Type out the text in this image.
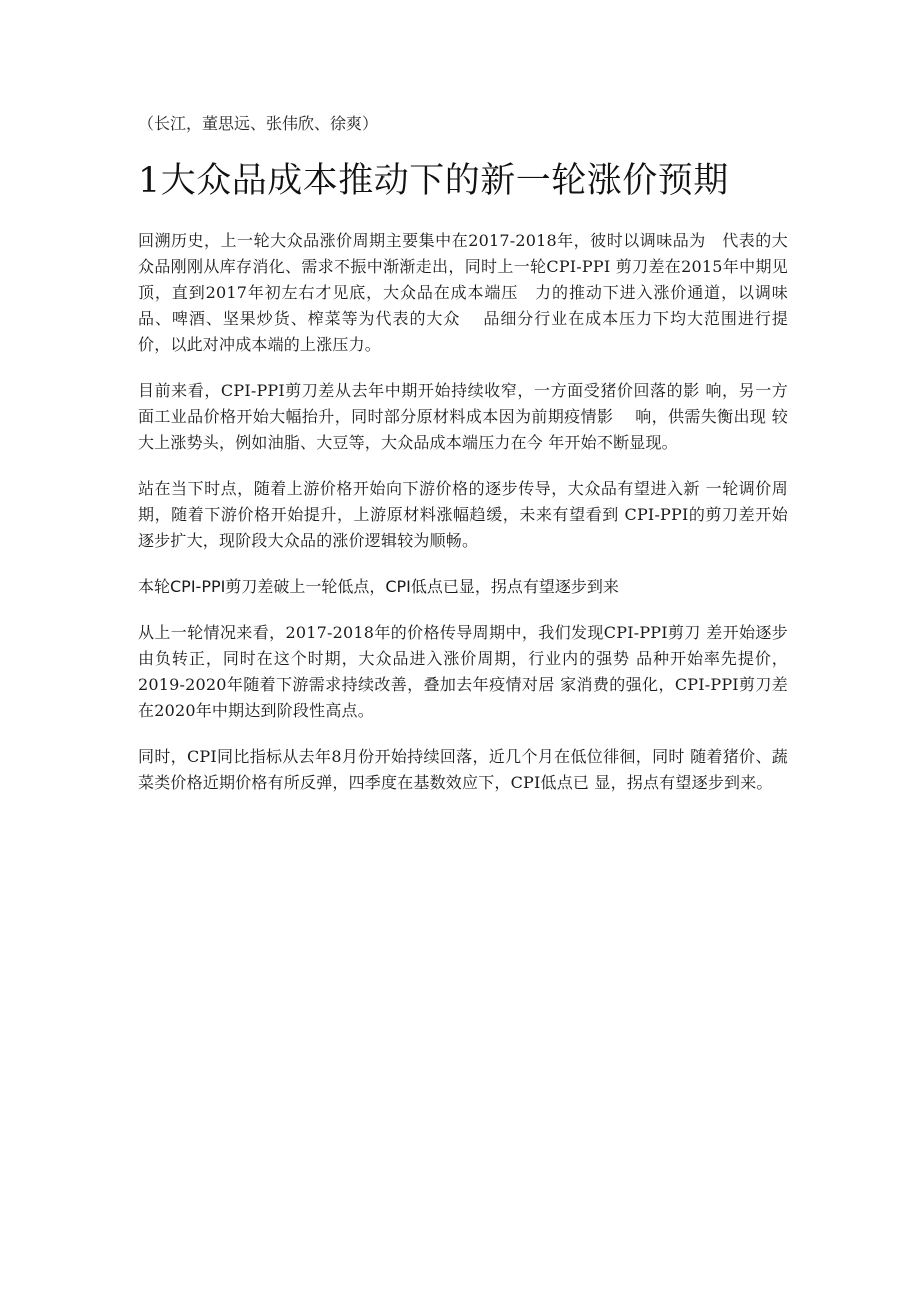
（长江，董思远、张伟欣、徐爽）

1大众品成本推动下的新一轮涨价预期

回溯历史，上一轮大众品涨价周期主要集中在2017-2018年，彼时以调味品为　代表的大　众品刚刚从库存消化、需求不振中渐渐走出，同时上一轮CPI-PPI 剪刀差在2015年中期见顶，直到2017年初左右才见底，大众品在成本端压　力的推动下进入涨价通道，以调味品、啤酒、坚果炒货、榨菜等为代表的大众　 品细分行业在成本压力下均大范围进行提价，以此对冲成本端的上涨压力。

目前来看，CPI-PPI剪刀差从去年中期开始持续收窄，一方面受猪价回落的影 响，另一方面工业品价格开始大幅抬升，同时部分原材料成本因为前期疫情影　 响，供需失衡出现 较大上涨势头，例如油脂、大豆等，大众品成本端压力在今 年开始不断显现。

站在当下时点，随着上游价格开始向下游价格的逐步传导，大众品有望进入新 一轮调价周期，随着下游价格开始提升，上游原材料涨幅趋缓，未来有望看到 CPI-PPI的剪刀差开始逐步扩大，现阶段大众品的涨价逻辑较为顺畅。

本轮CPI-PPI剪刀差破上一轮低点，CPI低点已显，拐点有望逐步到来

从上一轮情况来看，2017-2018年的价格传导周期中，我们发现CPI-PPI剪刀 差开始逐步由负转正，同时在这个时期，大众品进入涨价周期，行业内的强势 品种开始率先提价，2019-2020年随着下游需求持续改善，叠加去年疫情对居 家消费的强化，CPI-PPI剪刀差在2020年中期达到阶段性高点。

同时，CPI同比指标从去年8月份开始持续回落，近几个月在低位徘徊，同时 随着猪价、蔬菜类价格近期价格有所反弹，四季度在基数效应下，CPI低点已 显，拐点有望逐步到来。
